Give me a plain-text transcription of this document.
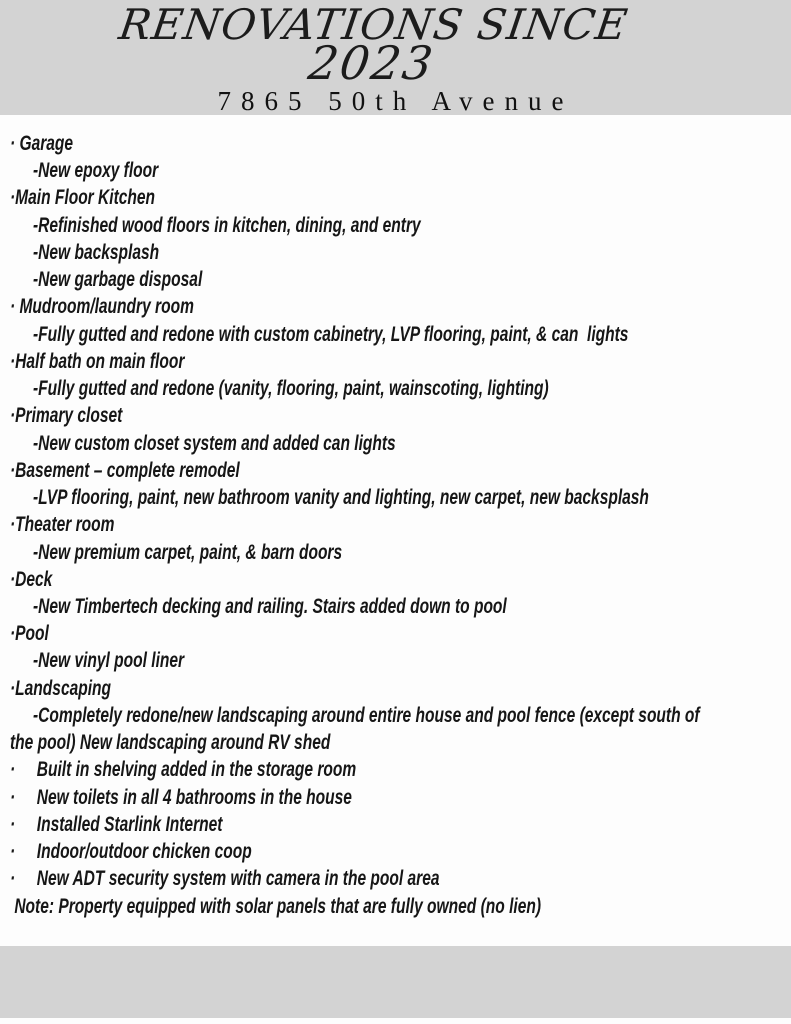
RENOVATIONS SINCE
2023
7865 50th Avenue
· Garage
-New epoxy floor
·Main Floor Kitchen
-Refinished wood floors in kitchen, dining, and entry
-New backsplash
-New garbage disposal
· Mudroom/laundry room
-Fully gutted and redone with custom cabinetry, LVP flooring, paint, & can  lights
·Half bath on main floor
-Fully gutted and redone (vanity, flooring, paint, wainscoting, lighting)
·Primary closet
-New custom closet system and added can lights
·Basement – complete remodel
-LVP flooring, paint, new bathroom vanity and lighting, new carpet, new backsplash
·Theater room
-New premium carpet, paint, & barn doors
·Deck
-New Timbertech decking and railing. Stairs added down to pool
·Pool
-New vinyl pool liner
·Landscaping
-Completely redone/new landscaping around entire house and pool fence (except south of
the pool) New landscaping around RV shed
·     Built in shelving added in the storage room
·     New toilets in all 4 bathrooms in the house
·     Installed Starlink Internet
·     Indoor/outdoor chicken coop
·     New ADT security system with camera in the pool area
Note: Property equipped with solar panels that are fully owned (no lien)
